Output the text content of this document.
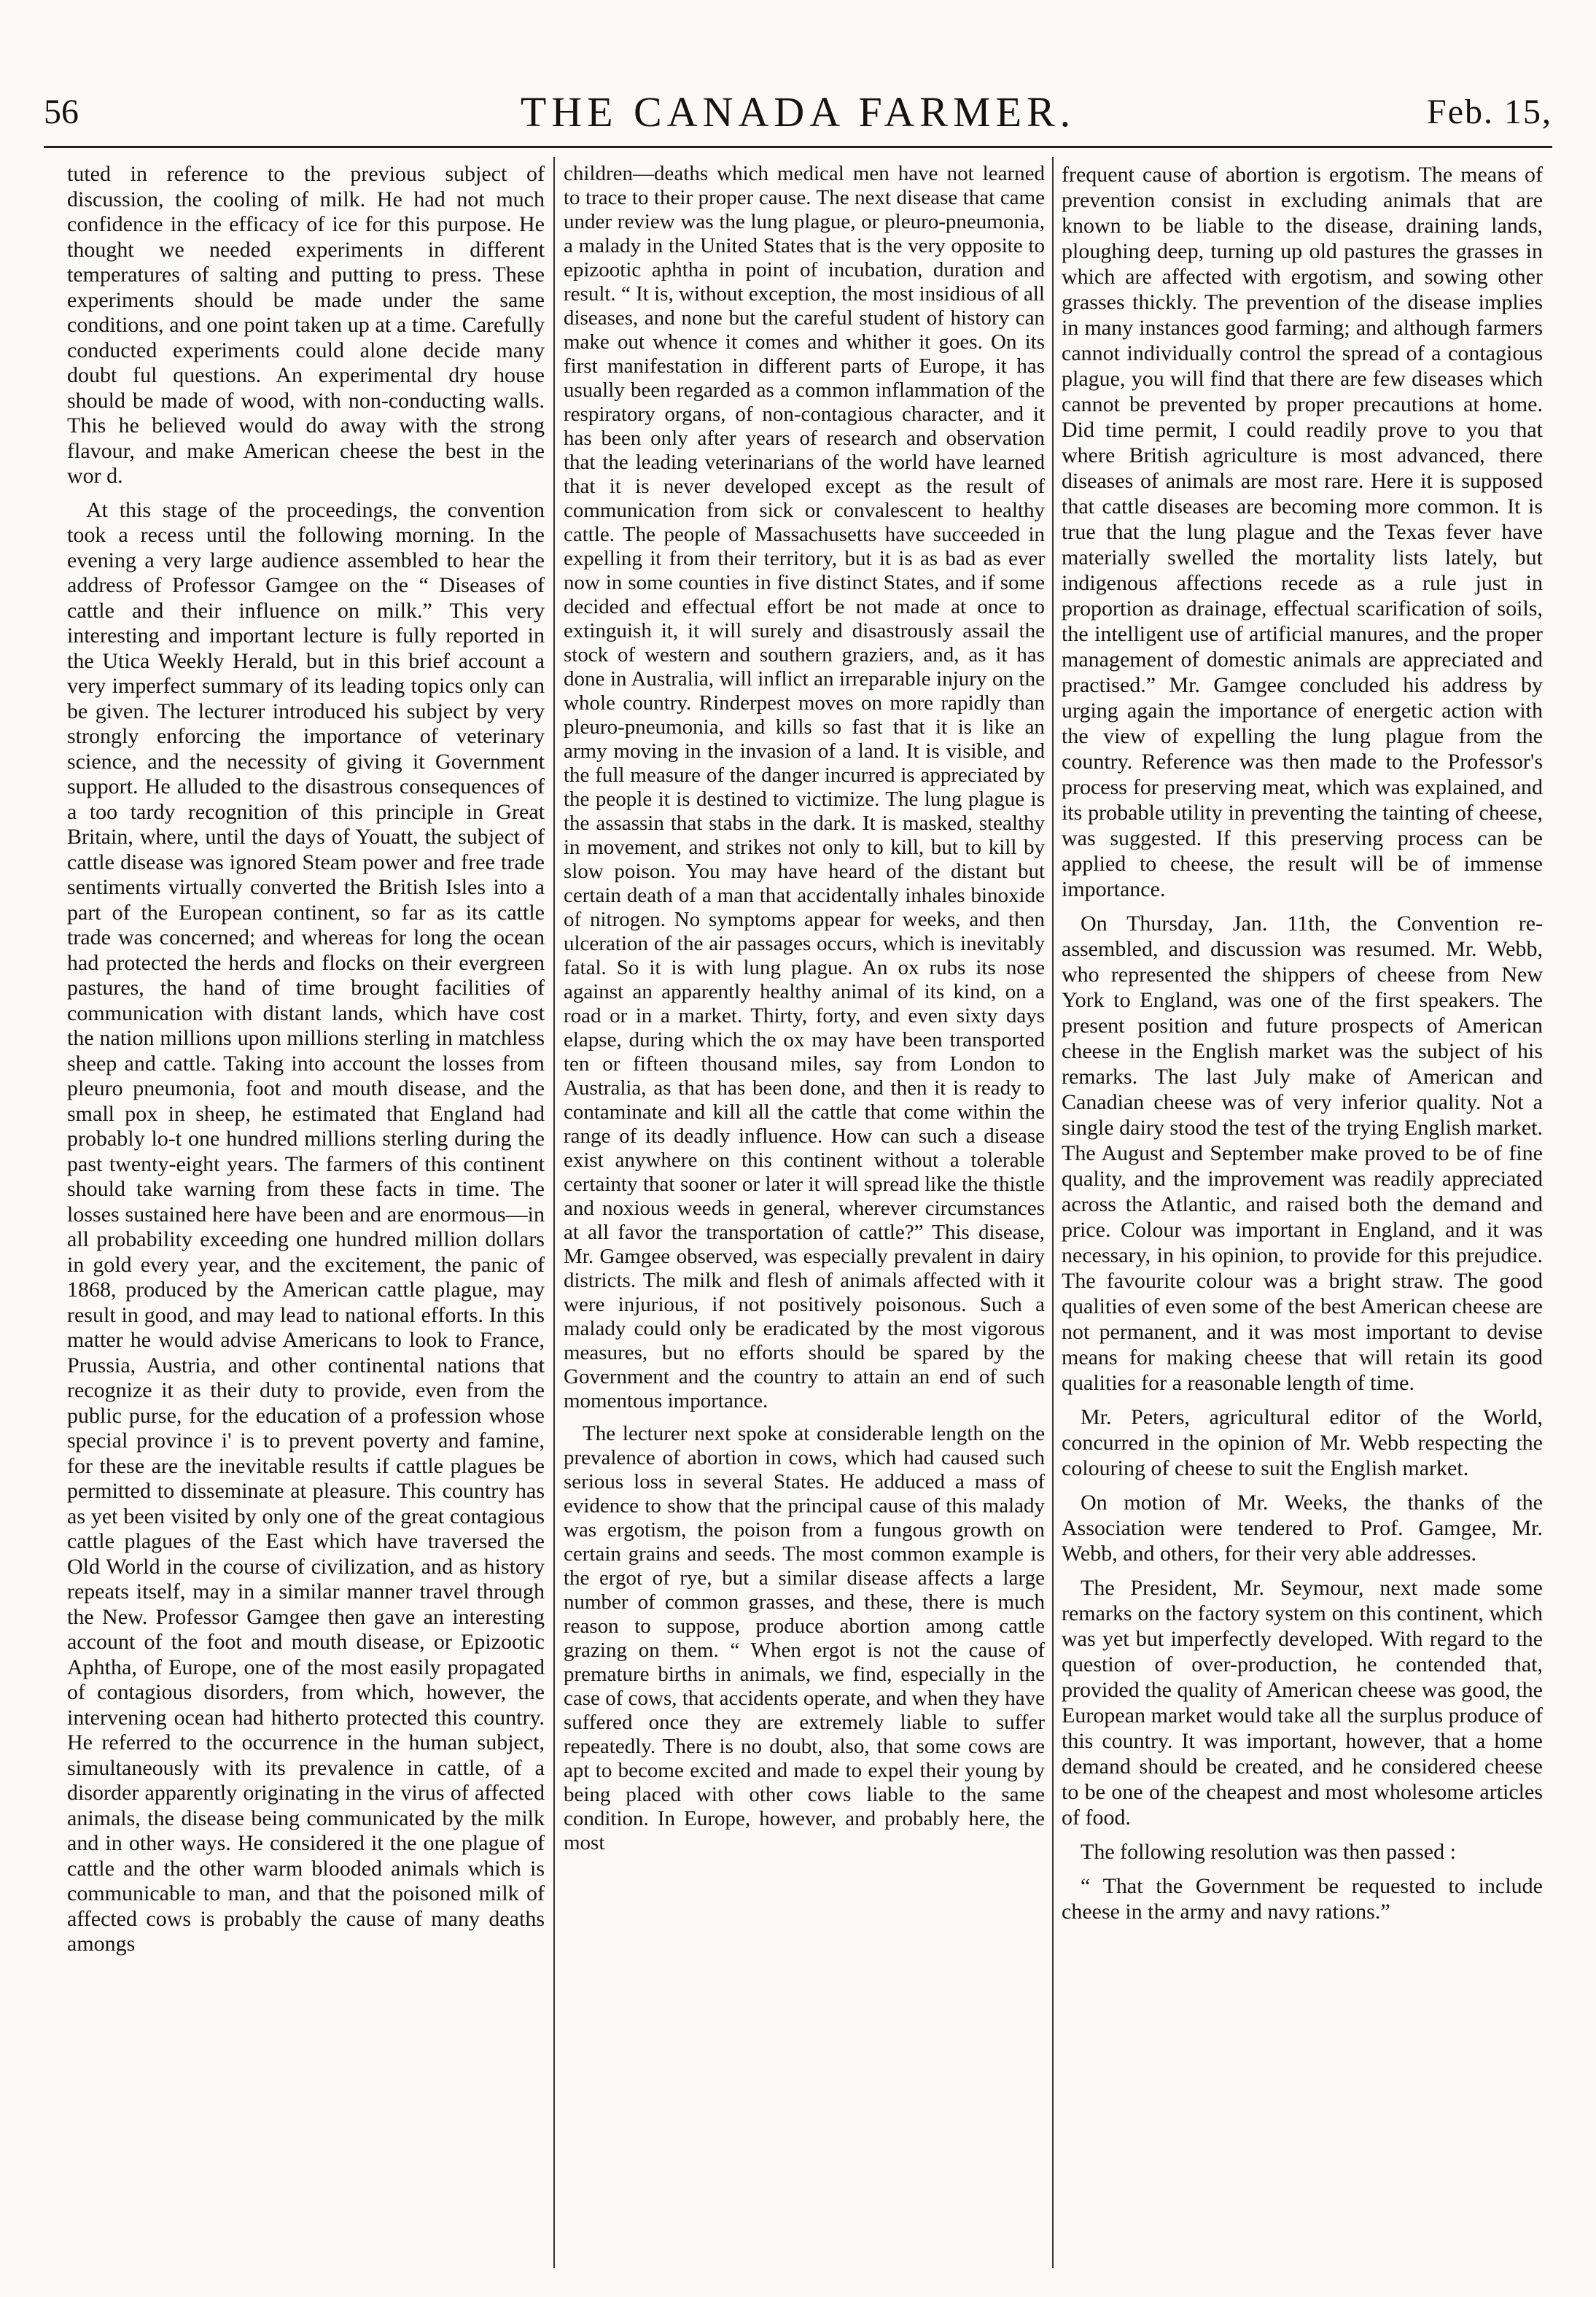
56	THE CANADA FARMER.	Feb. 15,

tuted in reference to the previous subject of discussion, the cooling of milk. He had not much confidence in the efficacy of ice for this purpose. He thought we needed experiments in different temperatures of salting and putting to press. These experiments should be made under the same conditions, and one point taken up at a time. Carefully conducted experiments could alone decide many doubt ful questions. An experimental dry house should be made of wood, with non-conducting walls. This he believed would do away with the strong flavour, and make American cheese the best in the wor d.

At this stage of the proceedings, the convention took a recess until the following morning. In the evening a very large audience assembled to hear the address of Professor Gamgee on the “ Diseases of cattle and their influence on milk.” This very interesting and important lecture is fully reported in the Utica Weekly Herald, but in this brief account a very imperfect summary of its leading topics only can be given. The lecturer introduced his subject by very strongly enforcing the importance of veterinary science, and the necessity of giving it Government support. He alluded to the disastrous consequences of a too tardy recognition of this principle in Great Britain, where, until the days of Youatt, the subject of cattle disease was ignored Steam power and free trade sentiments virtually converted the British Isles into a part of the European continent, so far as its cattle trade was concerned; and whereas for long the ocean had protected the herds and flocks on their evergreen pastures, the hand of time brought facilities of communication with distant lands, which have cost the nation millions upon millions sterling in matchless sheep and cattle. Taking into account the losses from pleuro pneumonia, foot and mouth disease, and the small pox in sheep, he estimated that England had probably lo-t one hundred millions sterling during the past twenty-eight years. The farmers of this continent should take warning from these facts in time. The losses sustained here have been and are enormous—in all probability exceeding one hundred million dollars in gold every year, and the excitement, the panic of 1868, produced by the American cattle plague, may result in good, and may lead to national efforts. In this matter he would advise Americans to look to France, Prussia, Austria, and other continental nations that recognize it as their duty to provide, even from the public purse, for the education of a profession whose special province i' is to prevent poverty and famine, for these are the inevitable results if cattle plagues be permitted to disseminate at pleasure. This country has as yet been visited by only one of the great contagious cattle plagues of the East which have traversed the Old World in the course of civilization, and as history repeats itself, may in a similar manner travel through the New. Professor Gamgee then gave an interesting account of the foot and mouth disease, or Epizootic Aphtha, of Europe, one of the most easily propagated of contagious disorders, from which, however, the intervening ocean had hitherto protected this country. He referred to the occurrence in the human subject, simultaneously with its prevalence in cattle, of a disorder apparently originating in the virus of affected animals, the disease being communicated by the milk and in other ways. He considered it the one plague of cattle and the other warm blooded animals which is communicable to man, and that the poisoned milk of affected cows is probably the cause of many deaths amongs

children—deaths which medical men have not learned to trace to their proper cause. The next disease that came under review was the lung plague, or pleuro-pneumonia, a malady in the United States that is the very opposite to epizootic aphtha in point of incubation, duration and result. “ It is, without exception, the most insidious of all diseases, and none but the careful student of history can make out whence it comes and whither it goes. On its first manifestation in different parts of Europe, it has usually been regarded as a common inflammation of the respiratory organs, of non-contagious character, and it has been only after years of research and observation that the leading veterinarians of the world have learned that it is never developed except as the result of communication from sick or convalescent to healthy cattle. The people of Massachusetts have succeeded in expelling it from their territory, but it is as bad as ever now in some counties in five distinct States, and if some decided and effectual effort be not made at once to extinguish it, it will surely and disastrously assail the stock of western and southern graziers, and, as it has done in Australia, will inflict an irreparable injury on the whole country. Rinderpest moves on more rapidly than pleuro-pneumonia, and kills so fast that it is like an army moving in the invasion of a land. It is visible, and the full measure of the danger incurred is appreciated by the people it is destined to victimize. The lung plague is the assassin that stabs in the dark. It is masked, stealthy in movement, and strikes not only to kill, but to kill by slow poison. You may have heard of the distant but certain death of a man that accidentally inhales binoxide of nitrogen. No symptoms appear for weeks, and then ulceration of the air passages occurs, which is inevitably fatal. So it is with lung plague. An ox rubs its nose against an apparently healthy animal of its kind, on a road or in a market. Thirty, forty, and even sixty days elapse, during which the ox may have been transported ten or fifteen thousand miles, say from London to Australia, as that has been done, and then it is ready to contaminate and kill all the cattle that come within the range of its deadly influence. How can such a disease exist anywhere on this continent without a tolerable certainty that sooner or later it will spread like the thistle and noxious weeds in general, wherever circumstances at all favor the transportation of cattle?” This disease, Mr. Gamgee observed, was especially prevalent in dairy districts. The milk and flesh of animals affected with it were injurious, if not positively poisonous. Such a malady could only be eradicated by the most vigorous measures, but no efforts should be spared by the Government and the country to attain an end of such momentous importance.

The lecturer next spoke at considerable length on the prevalence of abortion in cows, which had caused such serious loss in several States. He adduced a mass of evidence to show that the principal cause of this malady was ergotism, the poison from a fungous growth on certain grains and seeds. The most common example is the ergot of rye, but a similar disease affects a large number of common grasses, and these, there is much reason to suppose, produce abortion among cattle grazing on them. “ When ergot is not the cause of premature births in animals, we find, especially in the case of cows, that accidents operate, and when they have suffered once they are extremely liable to suffer repeatedly. There is no doubt, also, that some cows are apt to become excited and made to expel their young by being placed with other cows liable to the same condition. In Europe, however, and probably here, the most

frequent cause of abortion is ergotism. The means of prevention consist in excluding animals that are known to be liable to the disease, draining lands, ploughing deep, turning up old pastures the grasses in which are affected with ergotism, and sowing other grasses thickly. The prevention of the disease implies in many instances good farming; and although farmers cannot individually control the spread of a contagious plague, you will find that there are few diseases which cannot be prevented by proper precautions at home. Did time permit, I could readily prove to you that where British agriculture is most advanced, there diseases of animals are most rare. Here it is supposed that cattle diseases are becoming more common. It is true that the lung plague and the Texas fever have materially swelled the mortality lists lately, but indigenous affections recede as a rule just in proportion as drainage, effectual scarification of soils, the intelligent use of artificial manures, and the proper management of domestic animals are appreciated and practised.” Mr. Gamgee concluded his address by urging again the importance of energetic action with the view of expelling the lung plague from the country. Reference was then made to the Professor's process for preserving meat, which was explained, and its probable utility in preventing the tainting of cheese, was suggested. If this preserving process can be applied to cheese, the result will be of immense importance.

On Thursday, Jan. 11th, the Convention re-assembled, and discussion was resumed. Mr. Webb, who represented the shippers of cheese from New York to England, was one of the first speakers. The present position and future prospects of American cheese in the English market was the subject of his remarks. The last July make of American and Canadian cheese was of very inferior quality. Not a single dairy stood the test of the trying English market. The August and September make proved to be of fine quality, and the improvement was readily appreciated across the Atlantic, and raised both the demand and price. Colour was important in England, and it was necessary, in his opinion, to provide for this prejudice. The favourite colour was a bright straw. The good qualities of even some of the best American cheese are not permanent, and it was most important to devise means for making cheese that will retain its good qualities for a reasonable length of time.

Mr. Peters, agricultural editor of the World, concurred in the opinion of Mr. Webb respecting the colouring of cheese to suit the English market.

On motion of Mr. Weeks, the thanks of the Association were tendered to Prof. Gamgee, Mr. Webb, and others, for their very able addresses.

The President, Mr. Seymour, next made some remarks on the factory system on this continent, which was yet but imperfectly developed. With regard to the question of over-production, he contended that, provided the quality of American cheese was good, the European market would take all the surplus produce of this country. It was important, however, that a home demand should be created, and he considered cheese to be one of the cheapest and most wholesome articles of food.

The following resolution was then passed :

“ That the Government be requested to include cheese in the army and navy rations.”
